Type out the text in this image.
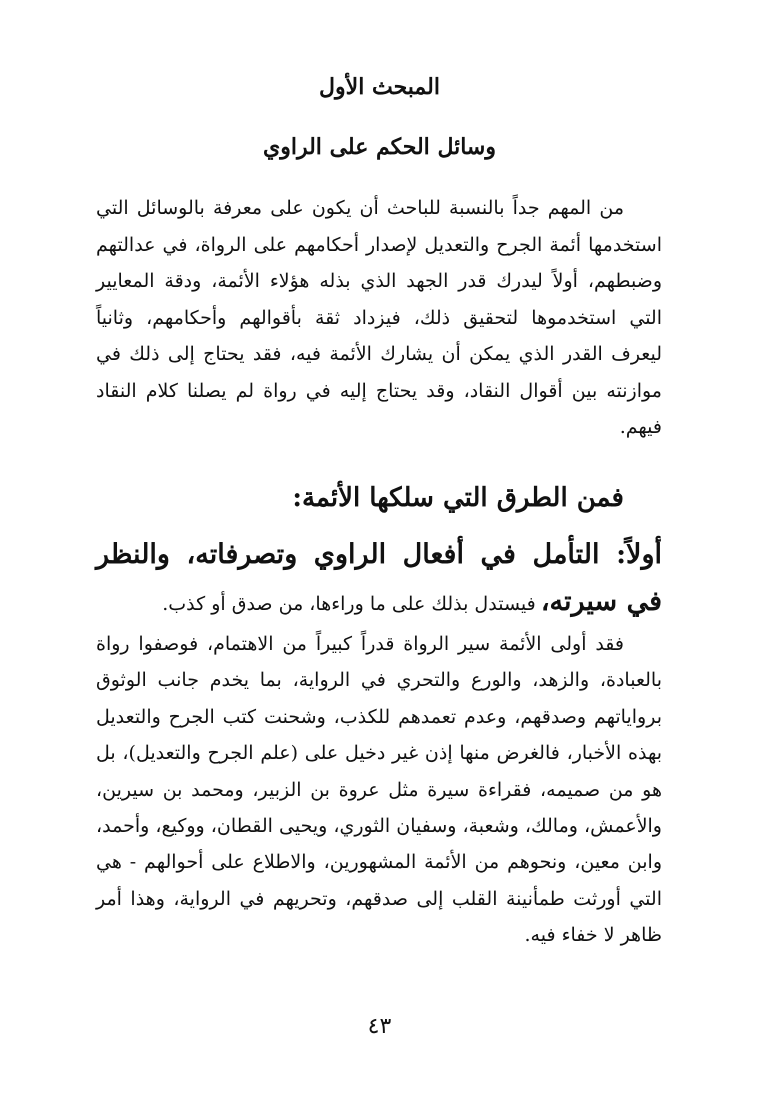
المبحث الأول
وسائل الحكم على الراوي

من المهم جداً بالنسبة للباحث أن يكون على معرفة بالوسائل التي استخدمها أئمة الجرح والتعديل لإصدار أحكامهم على الرواة، في عدالتهم وضبطهم، أولاً ليدرك قدر الجهد الذي بذله هؤلاء الأئمة، ودقة المعايير التي استخدموها لتحقيق ذلك، فيزداد ثقة بأقوالهم وأحكامهم، وثانياً ليعرف القدر الذي يمكن أن يشارك الأئمة فيه، فقد يحتاج إلى ذلك في موازنته بين أقوال النقاد، وقد يحتاج إليه في رواة لم يصلنا كلام النقاد فيهم.

فمن الطرق التي سلكها الأئمة:

أولاً: التأمل في أفعال الراوي وتصرفاته، والنظر في سيرته، فيستدل بذلك على ما وراءها، من صدق أو كذب.

فقد أولى الأئمة سير الرواة قدراً كبيراً من الاهتمام، فوصفوا رواة بالعبادة، والزهد، والورع والتحري في الرواية، بما يخدم جانب الوثوق برواياتهم وصدقهم، وعدم تعمدهم للكذب، وشحنت كتب الجرح والتعديل بهذه الأخبار، فالغرض منها إذن غير دخيل على (علم الجرح والتعديل)، بل هو من صميمه، فقراءة سيرة مثل عروة بن الزبير، ومحمد بن سيرين، والأعمش، ومالك، وشعبة، وسفيان الثوري، ويحيى القطان، ووكيع، وأحمد، وابن معين، ونحوهم من الأئمة المشهورين، والاطلاع على أحوالهم - هي التي أورثت طمأنينة القلب إلى صدقهم، وتحريهم في الرواية، وهذا أمر ظاهر لا خفاء فيه.

٤٣
